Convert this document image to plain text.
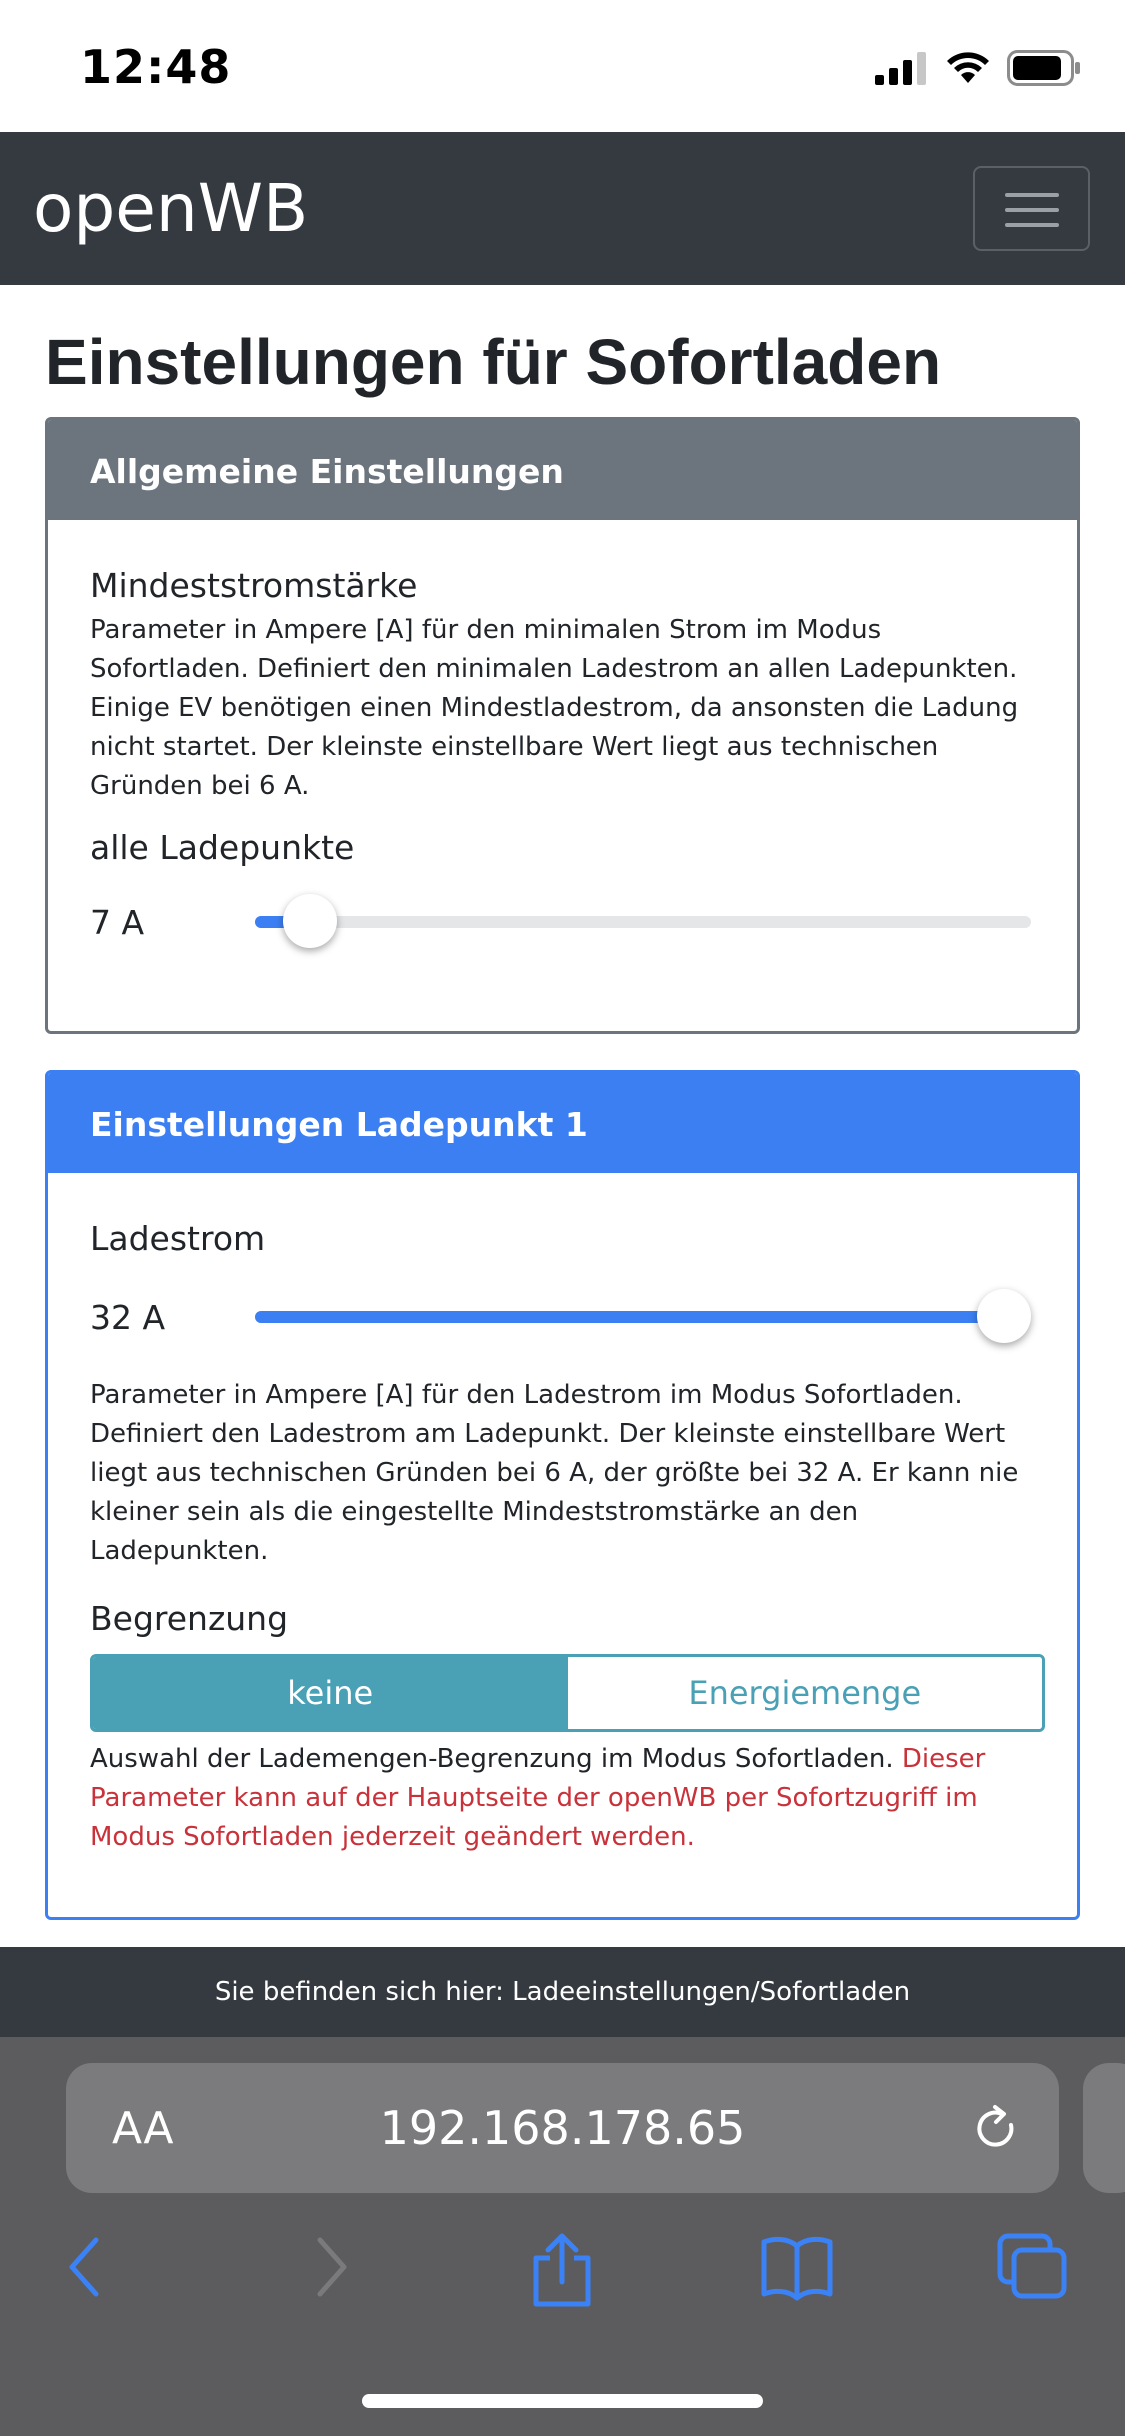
12:48
openWB
Einstellungen für Sofortladen
Allgemeine Einstellungen
Mindeststromstärke

Parameter in Ampere [A] für den minimalen Strom im Modus Sofortladen. Definiert den minimalen Ladestrom an allen Ladepunkten. Einige EV benötigen einen Mindestladestrom, da ansonsten die Ladung nicht startet. Der kleinste einstellbare Wert liegt aus technischen Gründen bei 6 A.

alle Ladepunkte
7 A
Einstellungen Ladepunkt 1
Ladestrom
32 A

Parameter in Ampere [A] für den Ladestrom im Modus Sofortladen. Definiert den Ladestrom am Ladepunkt. Der kleinste einstellbare Wert liegt aus technischen Gründen bei 6 A, der größte bei 32 A. Er kann nie kleiner sein als die eingestellte Mindeststromstärke an den Ladepunkten.

Begrenzung
keine	Energiemenge

Auswahl der Lademengen-Begrenzung im Modus Sofortladen. Dieser Parameter kann auf der Hauptseite der openWB per Sofortzugriff im Modus Sofortladen jederzeit geändert werden.

Sie befinden sich hier: Ladeeinstellungen/Sofortladen
AA	192.168.178.65
